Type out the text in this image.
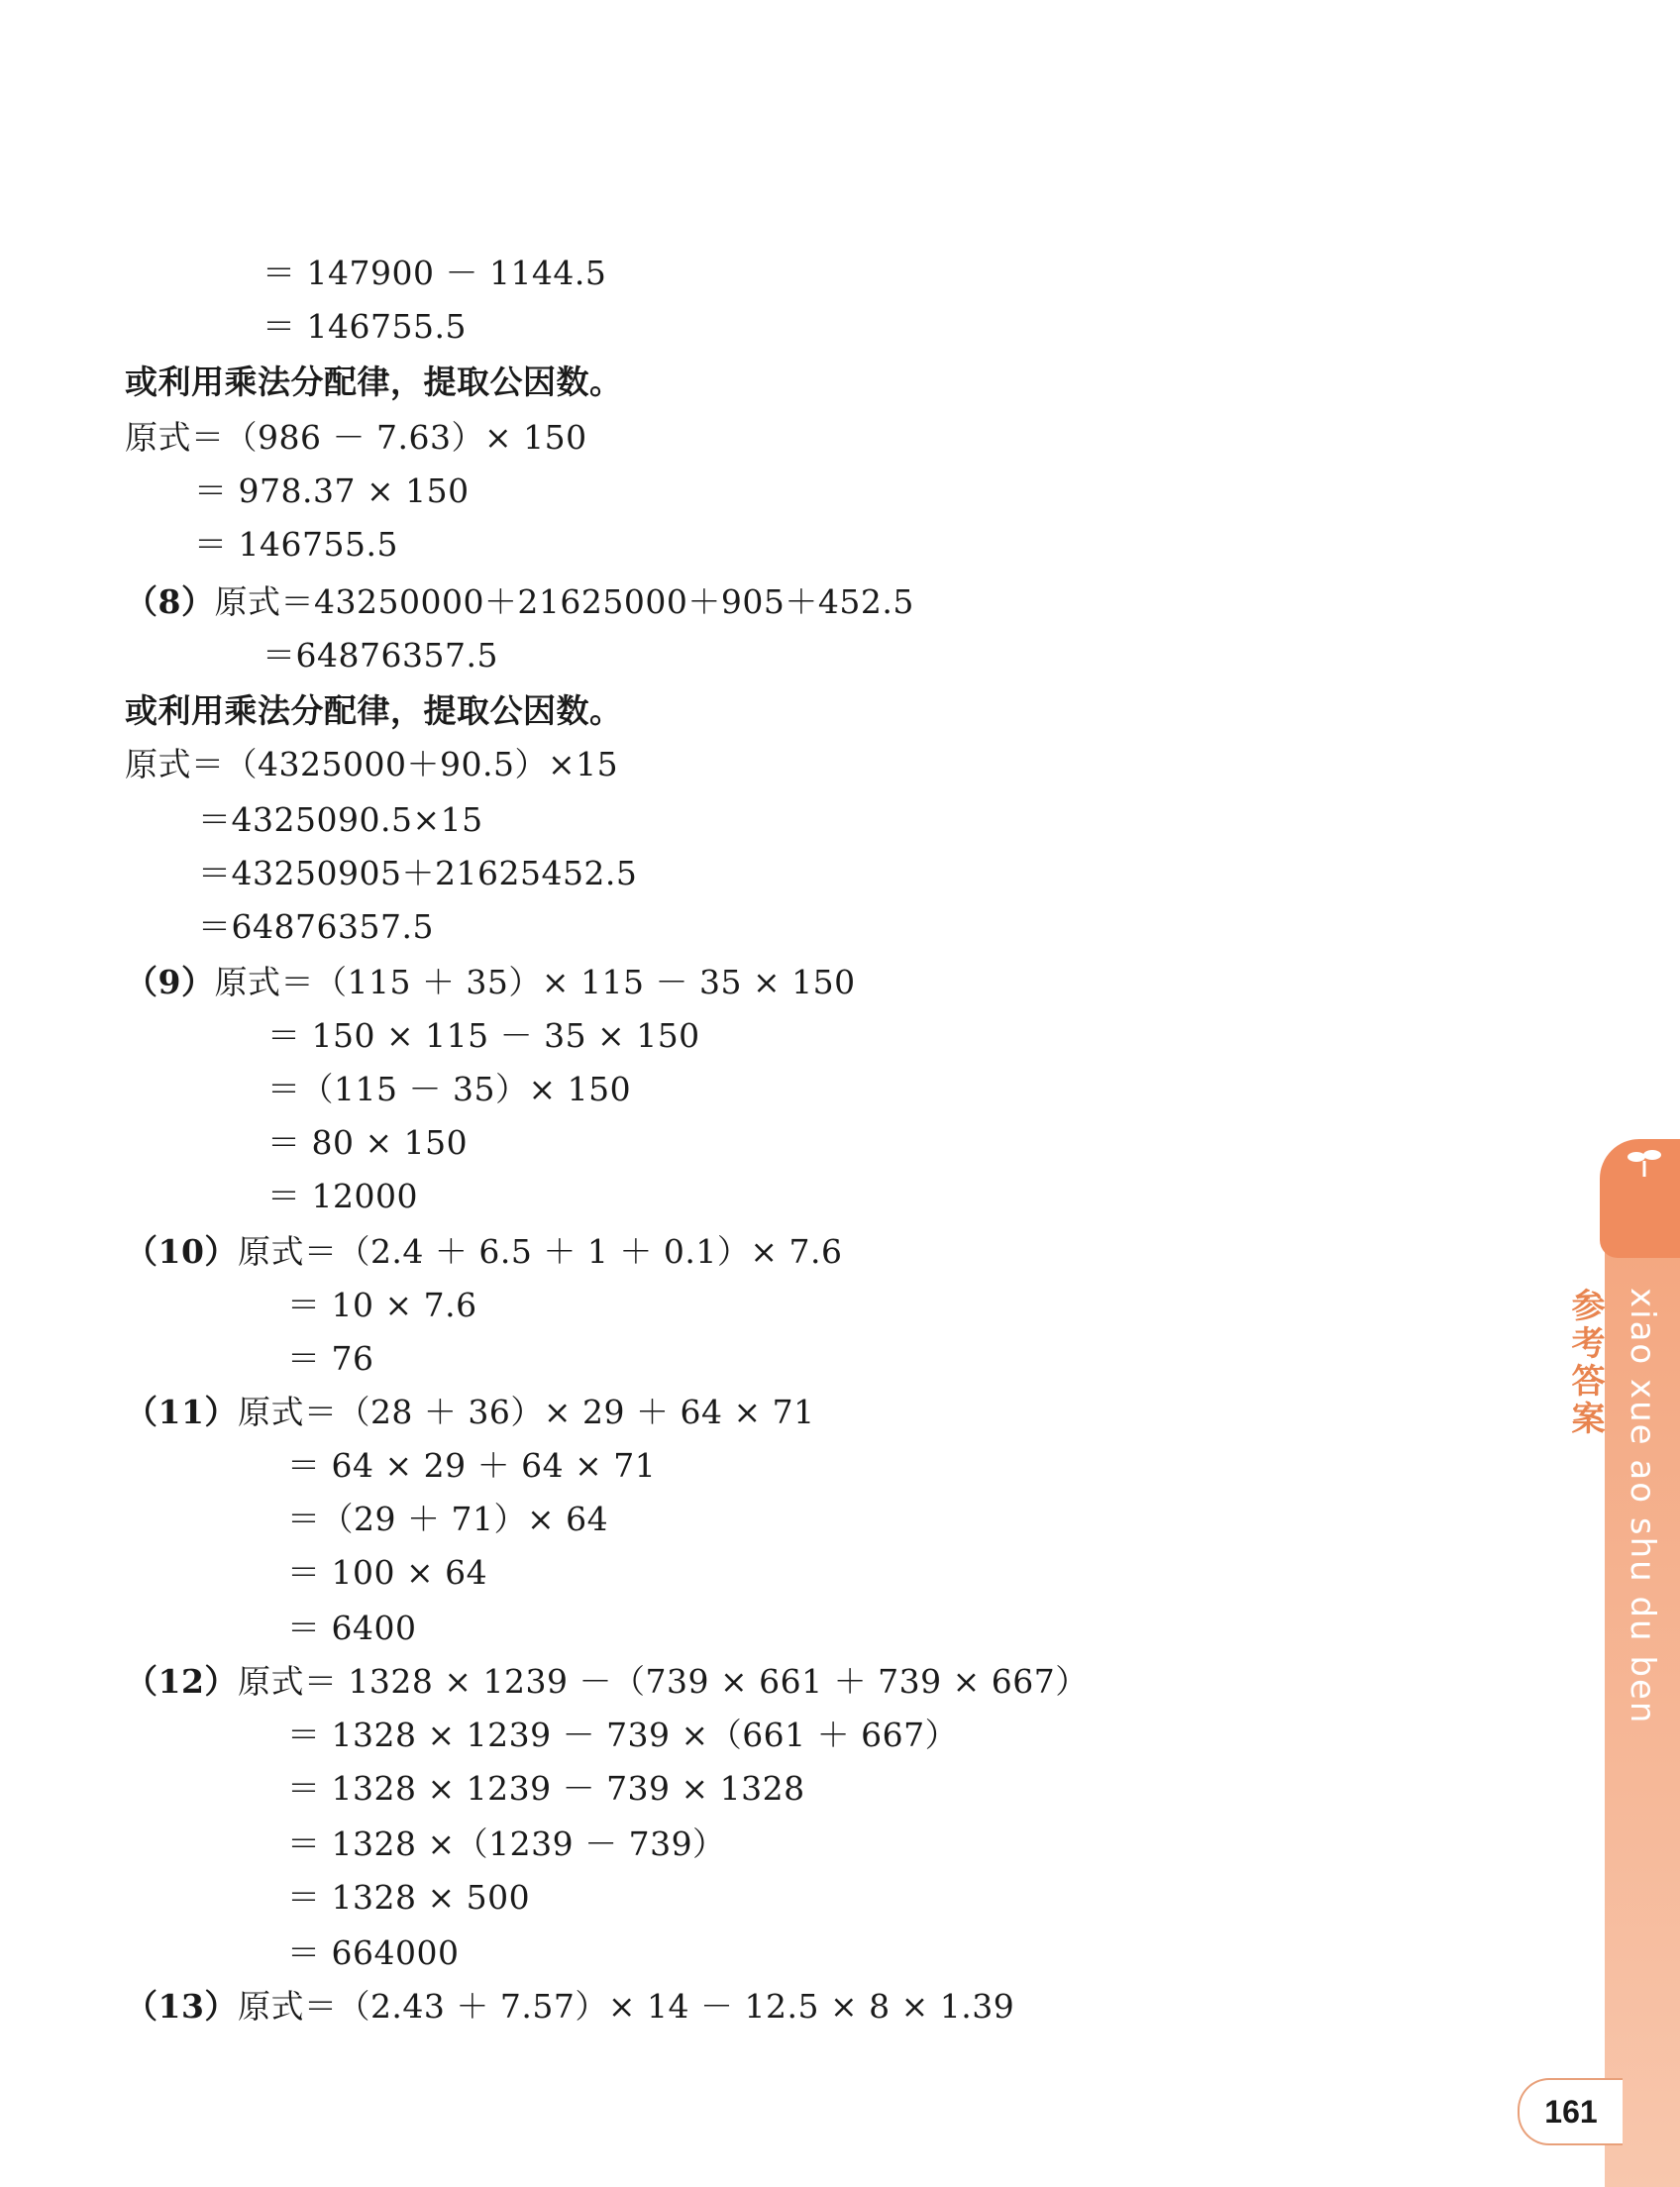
＝ 147900 － 1144.5
＝ 146755.5
或利用乘法分配律，提取公因数。
原式＝（986 － 7.63）× 150
＝ 978.37 × 150
＝ 146755.5
（8）原式＝43250000＋21625000＋905＋452.5
＝64876357.5
或利用乘法分配律，提取公因数。
原式＝（4325000＋90.5）×15
＝4325090.5×15
＝43250905＋21625452.5
＝64876357.5
（9）原式＝（115 ＋ 35）× 115 － 35 × 150
＝ 150 × 115 － 35 × 150
＝（115 － 35）× 150
＝ 80 × 150
＝ 12000
（10）原式＝（2.4 ＋ 6.5 ＋ 1 ＋ 0.1）× 7.6
＝ 10 × 7.6
＝ 76
（11）原式＝（28 ＋ 36）× 29 ＋ 64 × 71
＝ 64 × 29 ＋ 64 × 71
＝（29 ＋ 71）× 64
＝ 100 × 64
＝ 6400
（12）原式＝ 1328 × 1239 －（739 × 661 ＋ 739 × 667）
＝ 1328 × 1239 － 739 ×（661 ＋ 667）
＝ 1328 × 1239 － 739 × 1328
＝ 1328 ×（1239 － 739）
＝ 1328 × 500
＝ 664000
（13）原式＝（2.43 ＋ 7.57）× 14 － 12.5 × 8 × 1.39
xiao xue ao shu du ben
参考答案
161
